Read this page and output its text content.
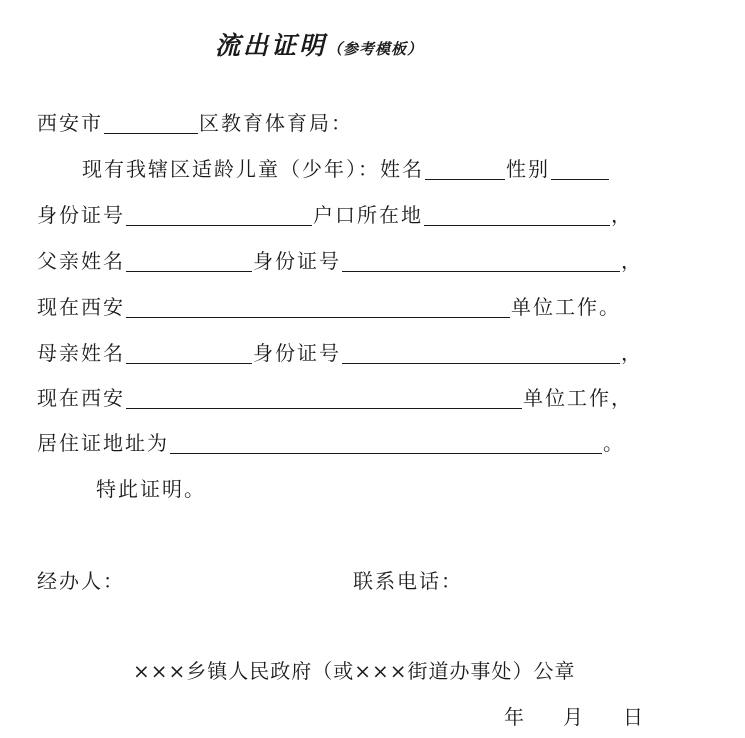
流出证明（参考模板）
西安市	区教育体育局：
现有我辖区适龄儿童（少年）：姓名	性别
身份证号	户口所在地	，
父亲姓名	身份证号	，
现在西安	单位工作。
母亲姓名	身份证号	，
现在西安	单位工作，
居住证地址为	。
特此证明。
经办人：	联系电话：
×××乡镇人民政府（或×××街道办事处）公章
年 月 日
